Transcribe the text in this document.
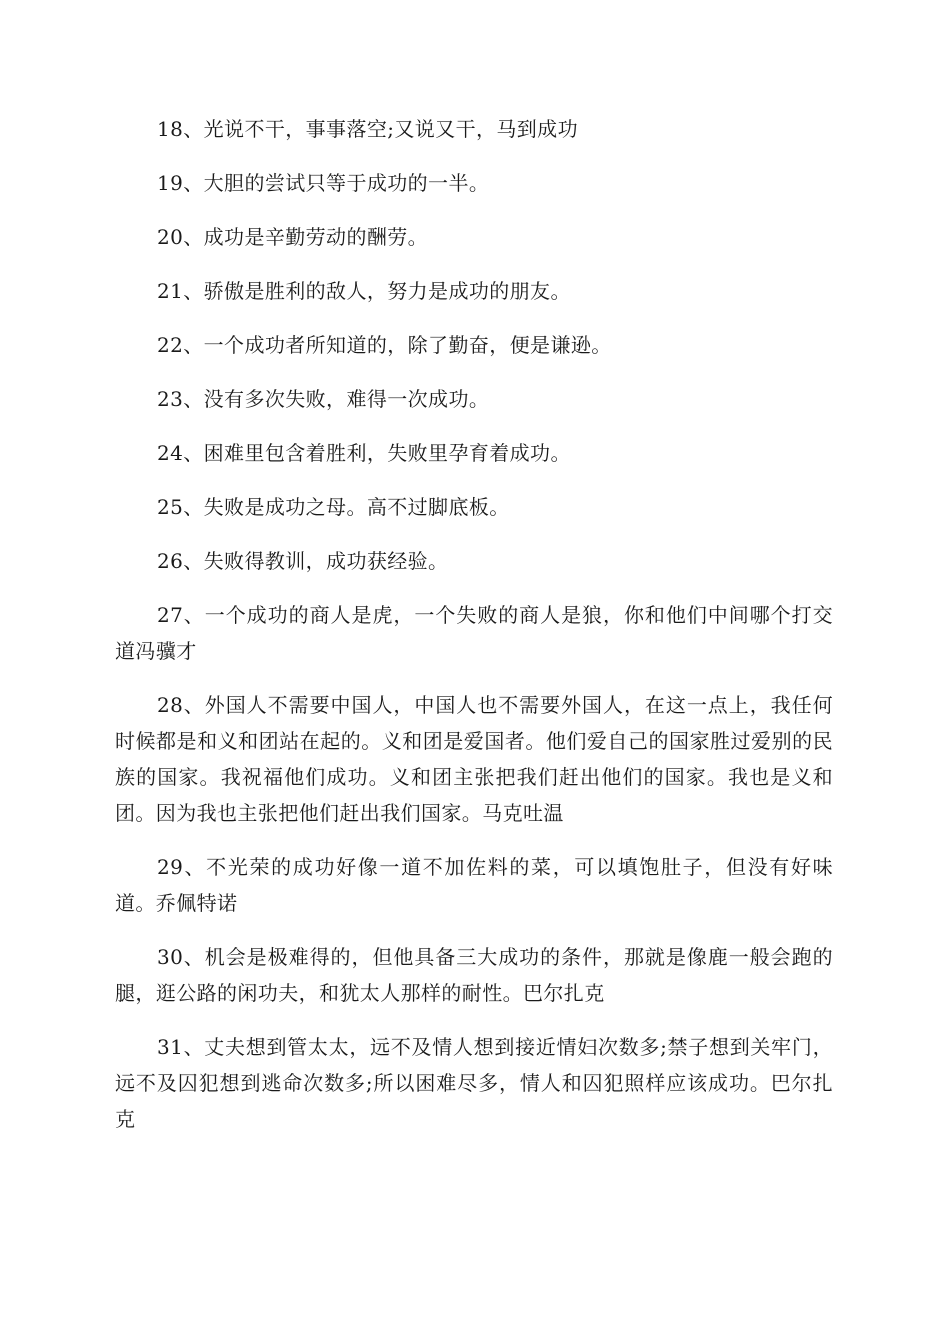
18、光说不干，事事落空;又说又干，马到成功

19、大胆的尝试只等于成功的一半。

20、成功是辛勤劳动的酬劳。

21、骄傲是胜利的敌人，努力是成功的朋友。

22、一个成功者所知道的，除了勤奋，便是谦逊。

23、没有多次失败，难得一次成功。

24、困难里包含着胜利，失败里孕育着成功。

25、失败是成功之母。高不过脚底板。

26、失败得教训，成功获经验。

27、一个成功的商人是虎，一个失败的商人是狼，你和他们中间哪个打交道冯骥才

28、外国人不需要中国人，中国人也不需要外国人，在这一点上，我任何时候都是和义和团站在起的。义和团是爱国者。他们爱自己的国家胜过爱别的民族的国家。我祝福他们成功。义和团主张把我们赶出他们的国家。我也是义和团。因为我也主张把他们赶出我们国家。马克吐温

29、不光荣的成功好像一道不加佐料的菜，可以填饱肚子，但没有好味道。乔佩特诺

30、机会是极难得的，但他具备三大成功的条件，那就是像鹿一般会跑的腿，逛公路的闲功夫，和犹太人那样的耐性。巴尔扎克

31、丈夫想到管太太，远不及情人想到接近情妇次数多;禁子想到关牢门，远不及囚犯想到逃命次数多;所以困难尽多，情人和囚犯照样应该成功。巴尔扎克
